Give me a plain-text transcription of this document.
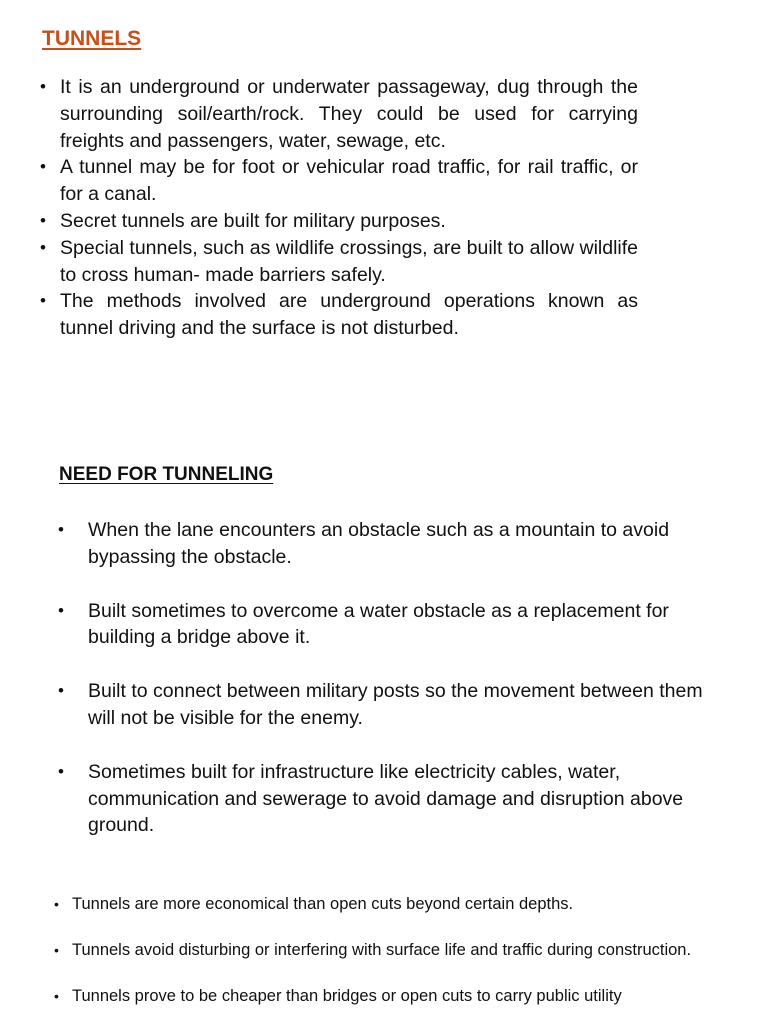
TUNNELS
• It is an underground or underwater passageway, dug through the surrounding soil/earth/rock. They could be used for carrying freights and passengers, water, sewage, etc.
• A tunnel may be for foot or vehicular road traffic, for rail traffic, or for a canal.
• Secret tunnels are built for military purposes.
• Special tunnels, such as wildlife crossings, are built to allow wildlife to cross human- made barriers safely.
• The methods involved are underground operations known as tunnel driving and the surface is not disturbed.
NEED FOR TUNNELING
• When the lane encounters an obstacle such as a mountain to avoid bypassing the obstacle.
• Built sometimes to overcome a water obstacle as a replacement for building a bridge above it.
• Built to connect between military posts so the movement between them will not be visible for the enemy.
• Sometimes built for infrastructure like electricity cables, water, communication and sewerage to avoid damage and disruption above ground.
• Tunnels are more economical than open cuts beyond certain depths.
• Tunnels avoid disturbing or interfering with surface life and traffic during construction.
• Tunnels prove to be cheaper than bridges or open cuts to carry public utility
